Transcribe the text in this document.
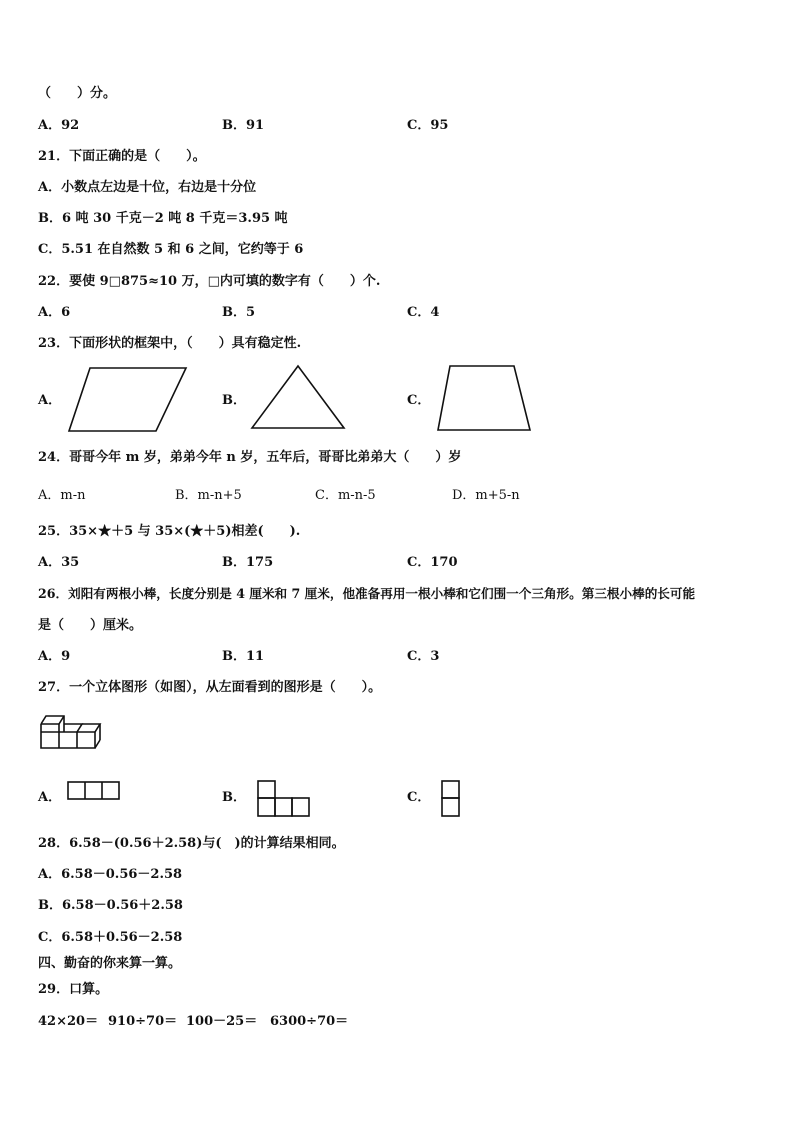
（　　）分。
A．92	B．91	C．95
21．下面正确的是（　　）。
A．小数点左边是十位，右边是十分位
B．6 吨 30 千克－2 吨 8 千克＝3.95 吨
C．5.51 在自然数 5 和 6 之间，它约等于 6
22．要使 9□875≈10 万，□内可填的数字有（　　）个.
A．6	B．5	C．4
23．下面形状的框架中，（　　）具有稳定性.
A．	B．	C．
24．哥哥今年 m 岁，弟弟今年 n 岁，五年后，哥哥比弟弟大（　　）岁
A．m-n	B．m-n+5	C．m-n-5	D．m+5-n
25．35×★＋5 与 35×(★＋5)相差(　　).
A．35	B．175	C．170
26．刘阳有两根小棒，长度分别是 4 厘米和 7 厘米，他准备再用一根小棒和它们围一个三角形。第三根小棒的长可能
是（　　）厘米。
A．9	B．11	C．3
27．一个立体图形（如图），从左面看到的图形是（　　）。
A．	B．	C．
28．6.58－(0.56＋2.58)与(　)的计算结果相同。
A．6.58－0.56－2.58
B．6.58－0.56＋2.58
C．6.58＋0.56－2.58
四、勤奋的你来算一算。
29．口算。
42×20＝ 910÷70＝ 100－25＝ 6300÷70＝
